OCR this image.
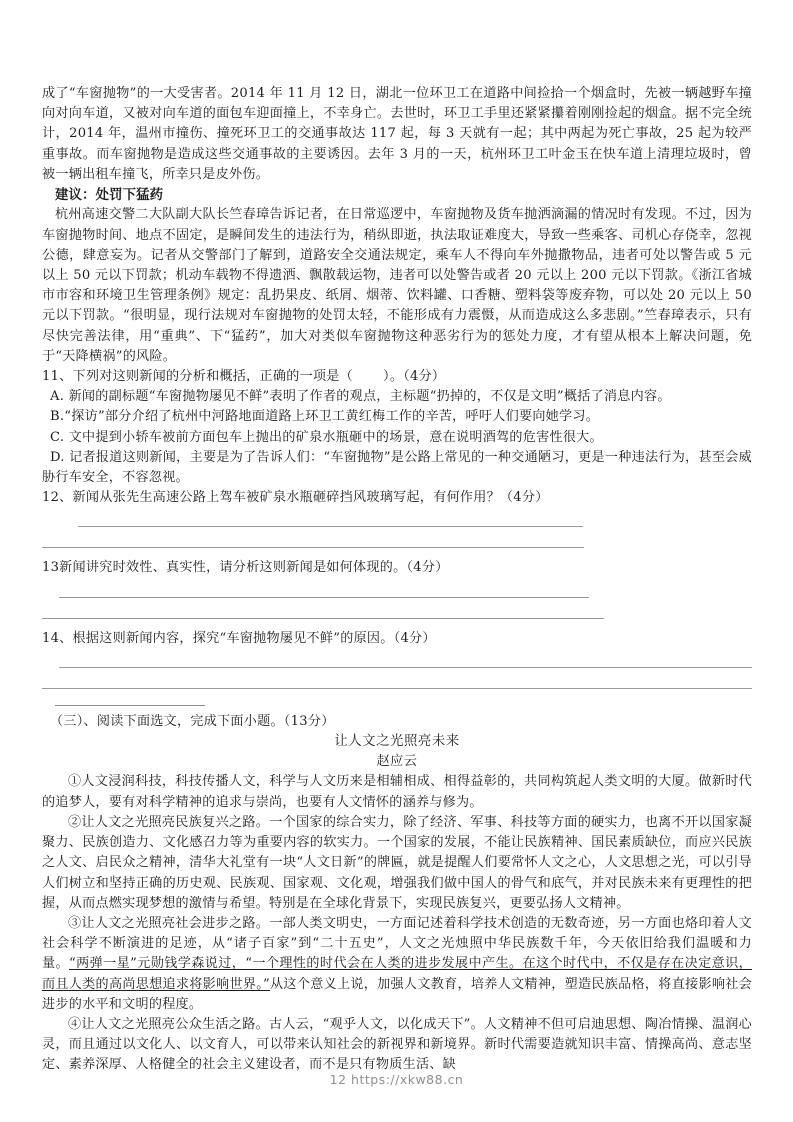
成了“车窗抛物”的一大受害者。2014 年 11 月 12 日，湖北一位环卫工在道路中间捡拾一个烟盒时，先被一辆越野车撞向对向车道，又被对向车道的面包车迎面撞上，不幸身亡。去世时，环卫工手里还紧紧攥着刚刚捡起的烟盒。据不完全统计，2014 年，温州市撞伤、撞死环卫工的交通事故达 117 起，每 3 天就有一起；其中两起为死亡事故，25 起为较严重事故。而车窗抛物是造成这些交通事故的主要诱因。去年 3 月的一天，杭州环卫工叶金玉在快车道上清理垃圾时，曾被一辆出租车撞飞，所幸只是皮外伤。

建议：处罚下猛药

杭州高速交警二大队副大队长竺春璋告诉记者，在日常巡逻中，车窗抛物及货车抛洒滴漏的情况时有发现。不过，因为车窗抛物时间、地点不固定，是瞬间发生的违法行为，稍纵即逝，执法取证难度大，导致一些乘客、司机心存侥幸，忽视公德，肆意妄为。记者从交警部门了解到，道路安全交通法规定，乘车人不得向车外抛撒物品，违者可处以警告或 5 元以上 50 元以下罚款；机动车载物不得遗洒、飘散载运物，违者可以处警告或者 20 元以上 200 元以下罚款。《浙江省城市市容和环境卫生管理条例》规定：乱扔果皮、纸屑、烟蒂、饮料罐、口香糖、塑料袋等废弃物，可以处 20 元以上 50 元以下罚款。“很明显，现行法规对车窗抛物的处罚太轻，不能形成有力震慑，从而造成这么多悲剧。”竺春璋表示，只有尽快完善法律，用“重典”、下“猛药”，加大对类似车窗抛物这种恶劣行为的惩处力度，才有望从根本上解决问题，免于“天降横祸”的风险。

11、下列对这则新闻的分析和概括，正确的一项是（ ）。（4分）

A. 新闻的副标题“车窗抛物屡见不鲜”表明了作者的观点，主标题“扔掉的，不仅是文明”概括了消息内容。

B.“探访”部分介绍了杭州中河路地面道路上环卫工黄红梅工作的辛苦，呼吁人们要向她学习。

C. 文中提到小轿车被前方面包车上抛出的矿泉水瓶砸中的场景，意在说明酒驾的危害性很大。

D. 记者报道这则新闻，主要是为了告诉人们：“车窗抛物”是公路上常见的一种交通陋习，更是一种违法行为，甚至会威胁行车安全，不容忽视。

12、新闻从张先生高速公路上驾车被矿泉水瓶砸碎挡风玻璃写起，有何作用？（4分）

13新闻讲究时效性、真实性，请分析这则新闻是如何体现的。（4分）

14、根据这则新闻内容，探究“车窗抛物屡见不鲜”的原因。（4分）

（三）、阅读下面选文，完成下面小题。（13分）

让人文之光照亮未来

赵应云

①人文浸润科技，科技传播人文，科学与人文历来是相辅相成、相得益彰的，共同构筑起人类文明的大厦。做新时代的追梦人，要有对科学精神的追求与崇尚，也要有人文情怀的涵养与修为。

②让人文之光照亮民族复兴之路。一个国家的综合实力，除了经济、军事、科技等方面的硬实力，也离不开以国家凝聚力、民族创造力、文化感召力等为重要内容的软实力。一个国家的发展，不能让民族精神、国民素质缺位，而应兴民族之人文、启民众之精神，清华大礼堂有一块“人文日新”的牌匾，就是提醒人们要常怀人文之心，人文思想之光，可以引导人们树立和坚持正确的历史观、民族观、国家观、文化观，增强我们做中国人的骨气和底气，并对民族未来有更理性的把握，从而点燃实现梦想的激情与希望。特别是在全球化背景下，实现民族复兴，更要弘扬人文精神。

③让人文之光照亮社会进步之路。一部人类文明史，一方面记述着科学技术创造的无数奇迹，另一方面也烙印着人文社会科学不断演进的足迹，从“诸子百家”到“二十五史”，人文之光烛照中华民族数千年，今天依旧给我们温暖和力量。“两弹一星”元勋钱学森说过，“一个理性的时代会在人类的进步发展中产生。在这个时代中，不仅是存在决定意识，而且人类的高尚思想追求将影响世界。”从这个意义上说，加强人文教育，培养人文精神，塑造民族品格，将直接影响社会进步的水平和文明的程度。

④让人文之光照亮公众生活之路。古人云，“观乎人文，以化成天下”。人文精神不但可启迪思想、陶冶情操、温润心灵，而且通过以文化人、以文育人，可以带来认知社会的新视界和新境界。新时代需要造就知识丰富、情操高尚、意志坚定、素养深厚、人格健全的社会主义建设者，而不是只有物质生活、缺

12 https://xkw88.cn
